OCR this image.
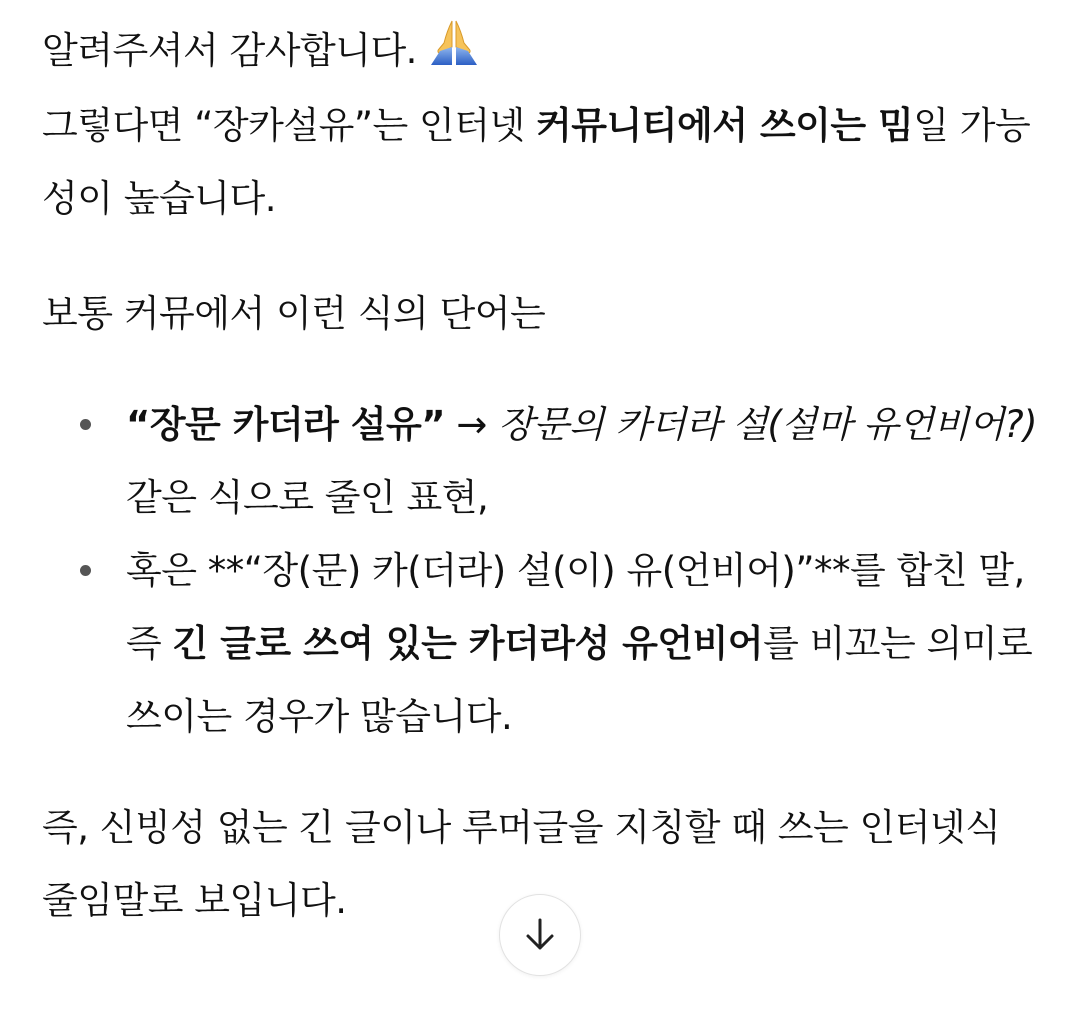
알려주셔서 감사합니다.

그렇다면 “장카설유”는 인터넷 커뮤니티에서 쓰이는 밈일 가능성이 높습니다.

보통 커뮤에서 이런 식의 단어는

“장문 카더라 설유” → 장문의 카더라 설(설마 유언비어?) 같은 식으로 줄인 표현,
혹은 **“장(문) 카(더라) 설(이) 유(언비어)”**를 합친 말,
즉 긴 글로 쓰여 있는 카더라성 유언비어를 비꼬는 의미로 쓰이는 경우가 많습니다.

즉, 신빙성 없는 긴 글이나 루머글을 지칭할 때 쓰는 인터넷식 줄임말로 보입니다.
